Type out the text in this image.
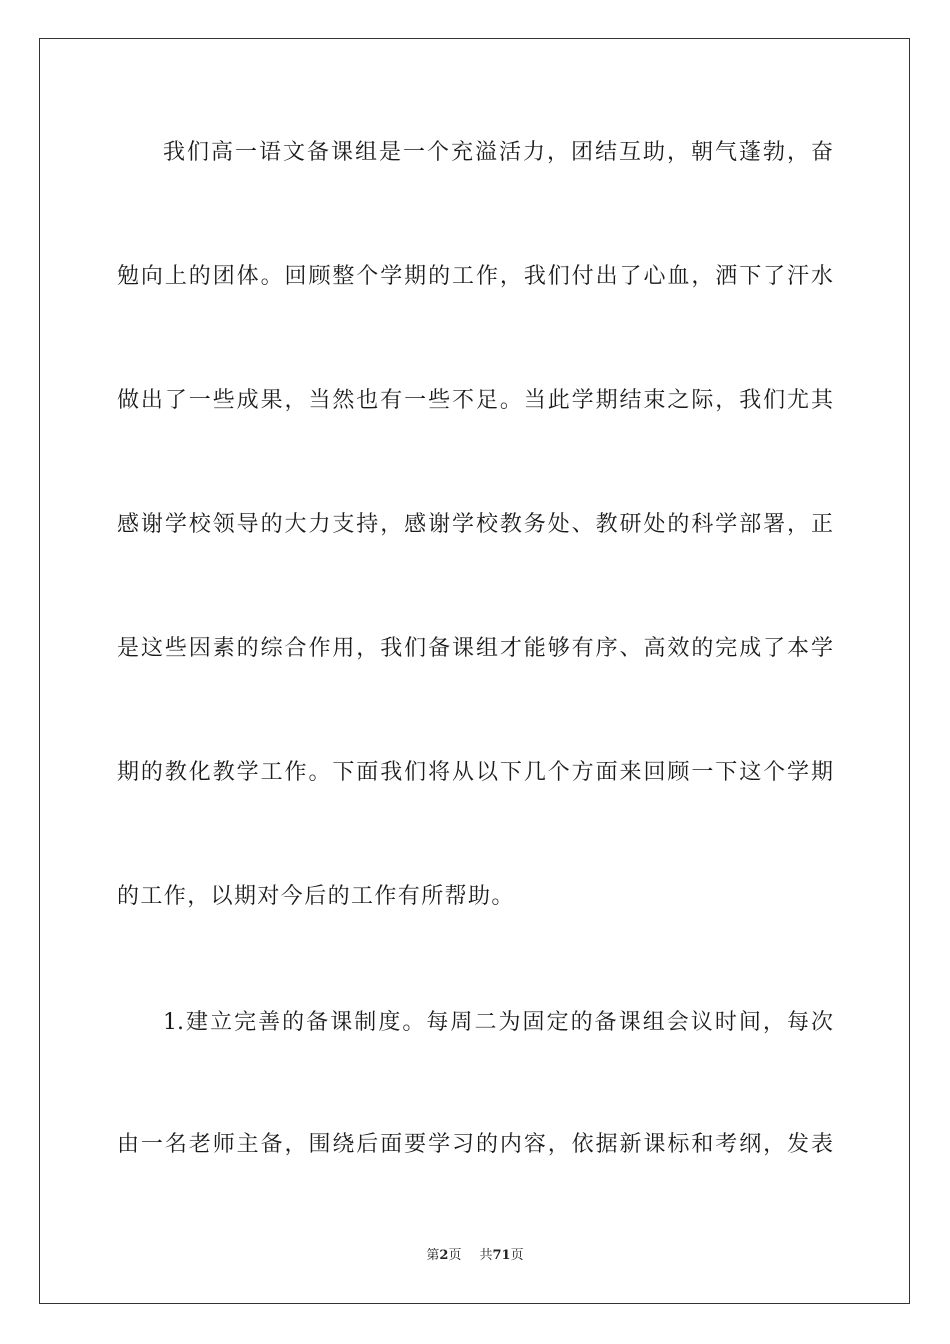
我们高一语文备课组是一个充溢活力，团结互助，朝气蓬勃，奋
勉向上的团体。回顾整个学期的工作，我们付出了心血，洒下了汗水
做出了一些成果，当然也有一些不足。当此学期结束之际，我们尤其
感谢学校领导的大力支持，感谢学校教务处、教研处的科学部署，正
是这些因素的综合作用，我们备课组才能够有序、高效的完成了本学
期的教化教学工作。下面我们将从以下几个方面来回顾一下这个学期
的工作，以期对今后的工作有所帮助。
1.建立完善的备课制度。每周二为固定的备课组会议时间，每次
由一名老师主备，围绕后面要学习的内容，依据新课标和考纲，发表
第2页 共71页
